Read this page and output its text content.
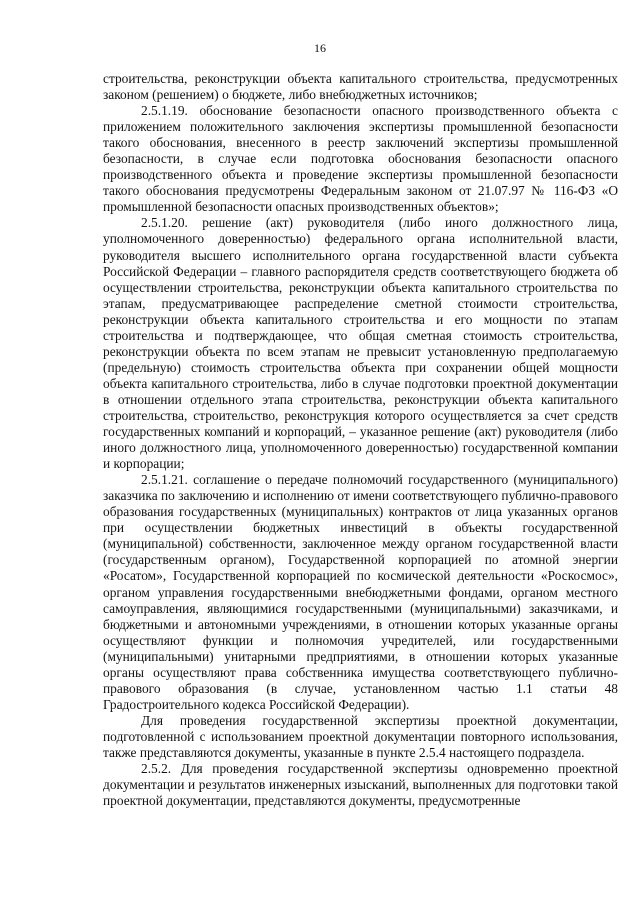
16

строительства, реконструкции объекта капитального строительства, предусмотренных законом (решением) о бюджете, либо внебюджетных источников;

2.5.1.19. обоснование безопасности опасного производственного объекта с приложением положительного заключения экспертизы промышленной безопасности такого обоснования, внесенного в реестр заключений экспертизы промышленной безопасности, в случае если подготовка обоснования безопасности опасного производственного объекта и проведение экспертизы промышленной безопасности такого обоснования предусмотрены Федеральным законом от 21.07.97 № 116-ФЗ «О промышленной безопасности опасных производственных объектов»;

2.5.1.20. решение (акт) руководителя (либо иного должностного лица, уполномоченного доверенностью) федерального органа исполнительной власти, руководителя высшего исполнительного органа государственной власти субъекта Российской Федерации – главного распорядителя средств соответствующего бюджета об осуществлении строительства, реконструкции объекта капитального строительства по этапам, предусматривающее распределение сметной стоимости строительства, реконструкции объекта капитального строительства и его мощности по этапам строительства и подтверждающее, что общая сметная стоимость строительства, реконструкции объекта по всем этапам не превысит установленную предполагаемую (предельную) стоимость строительства объекта при сохранении общей мощности объекта капитального строительства, либо в случае подготовки проектной документации в отношении отдельного этапа строительства, реконструкции объекта капитального строительства, строительство, реконструкция которого осуществляется за счет средств государственных компаний и корпораций, – указанное решение (акт) руководителя (либо иного должностного лица, уполномоченного доверенностью) государственной компании и корпорации;

2.5.1.21. соглашение о передаче полномочий государственного (муниципального) заказчика по заключению и исполнению от имени соответствующего публично-правового образования государственных (муниципальных) контрактов от лица указанных органов при осуществлении бюджетных инвестиций в объекты государственной (муниципальной) собственности, заключенное между органом государственной власти (государственным органом), Государственной корпорацией по атомной энергии «Росатом», Государственной корпорацией по космической деятельности «Роскосмос», органом управления государственными внебюджетными фондами, органом местного самоуправления, являющимися государственными (муниципальными) заказчиками, и бюджетными и автономными учреждениями, в отношении которых указанные органы осуществляют функции и полномочия учредителей, или государственными (муниципальными) унитарными предприятиями, в отношении которых указанные органы осуществляют права собственника имущества соответствующего публично-правового образования (в случае, установленном частью 1.1 статьи 48 Градостроительного кодекса Российской Федерации).

Для проведения государственной экспертизы проектной документации, подготовленной с использованием проектной документации повторного использования, также представляются документы, указанные в пункте 2.5.4 настоящего подраздела.

2.5.2. Для проведения государственной экспертизы одновременно проектной документации и результатов инженерных изысканий, выполненных для подготовки такой проектной документации, представляются документы, предусмотренные
